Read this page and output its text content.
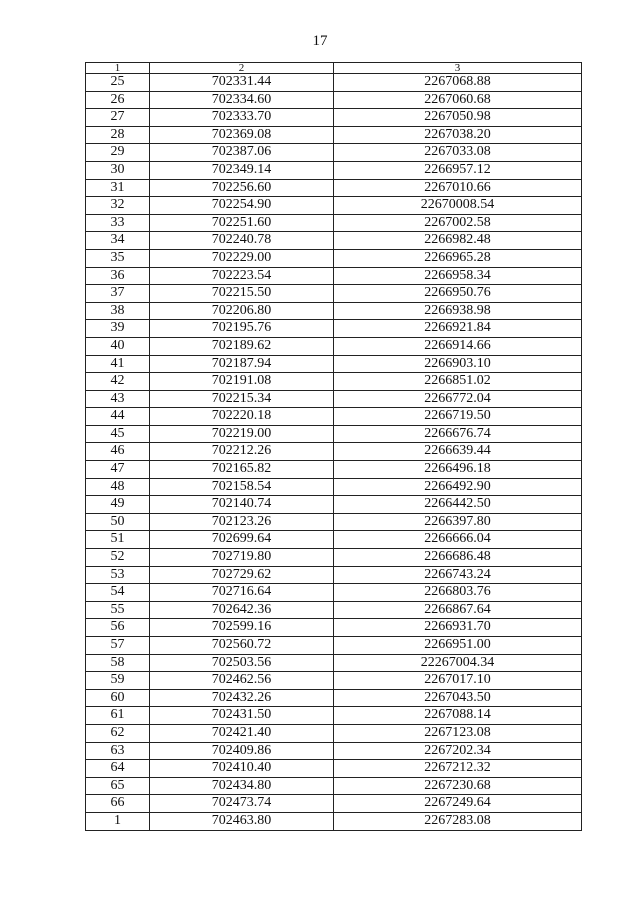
17
1	2	3
25	702331.44	2267068.88
26	702334.60	2267060.68
27	702333.70	2267050.98
28	702369.08	2267038.20
29	702387.06	2267033.08
30	702349.14	2266957.12
31	702256.60	2267010.66
32	702254.90	22670008.54
33	702251.60	2267002.58
34	702240.78	2266982.48
35	702229.00	2266965.28
36	702223.54	2266958.34
37	702215.50	2266950.76
38	702206.80	2266938.98
39	702195.76	2266921.84
40	702189.62	2266914.66
41	702187.94	2266903.10
42	702191.08	2266851.02
43	702215.34	2266772.04
44	702220.18	2266719.50
45	702219.00	2266676.74
46	702212.26	2266639.44
47	702165.82	2266496.18
48	702158.54	2266492.90
49	702140.74	2266442.50
50	702123.26	2266397.80
51	702699.64	2266666.04
52	702719.80	2266686.48
53	702729.62	2266743.24
54	702716.64	2266803.76
55	702642.36	2266867.64
56	702599.16	2266931.70
57	702560.72	2266951.00
58	702503.56	22267004.34
59	702462.56	2267017.10
60	702432.26	2267043.50
61	702431.50	2267088.14
62	702421.40	2267123.08
63	702409.86	2267202.34
64	702410.40	2267212.32
65	702434.80	2267230.68
66	702473.74	2267249.64
1	702463.80	2267283.08
